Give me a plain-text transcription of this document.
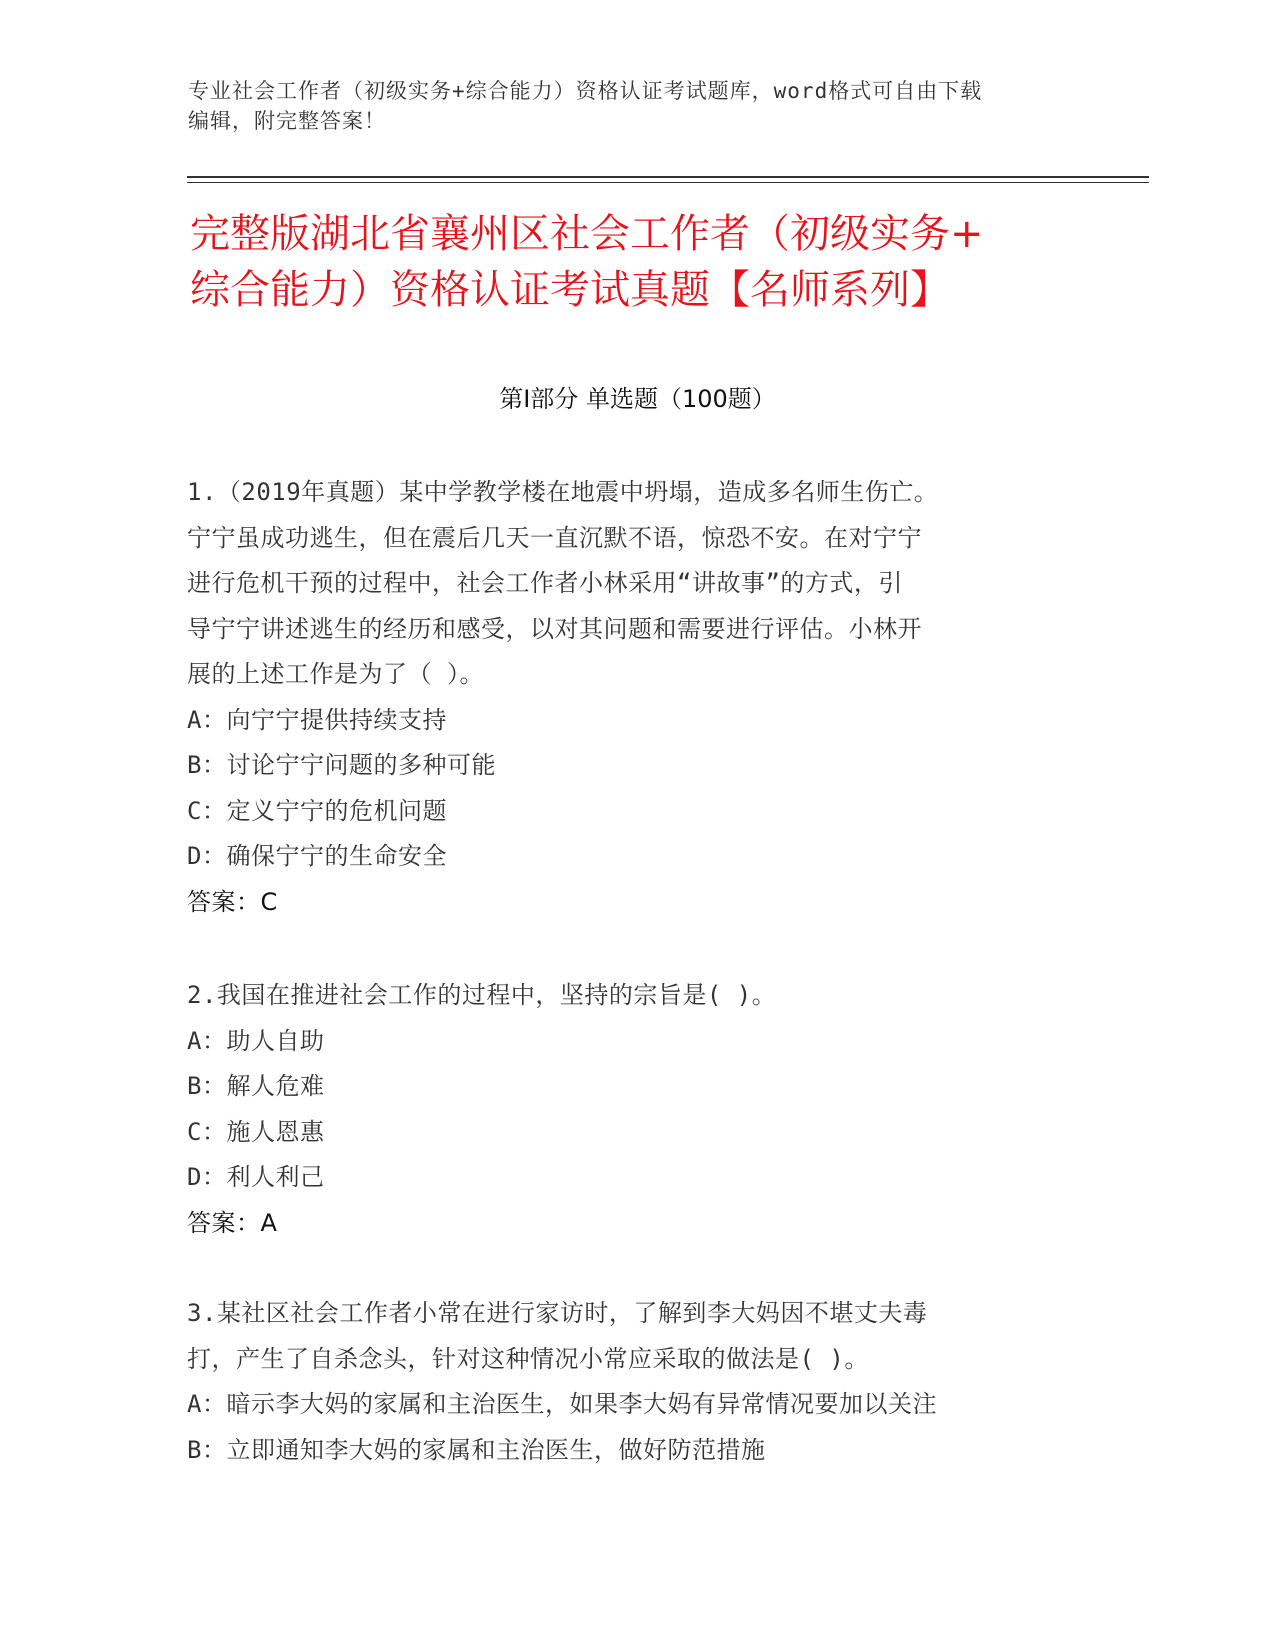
专业社会工作者（初级实务+综合能力）资格认证考试题库，word格式可自由下载
编辑，附完整答案！
完整版湖北省襄州区社会工作者（初级实务+
综合能力）资格认证考试真题【名师系列】
第Ⅰ部分 单选题（100题）
1.（2019年真题）某中学教学楼在地震中坍塌，造成多名师生伤亡。
宁宁虽成功逃生，但在震后几天一直沉默不语，惊恐不安。在对宁宁
进行危机干预的过程中，社会工作者小林采用“讲故事”的方式，引
导宁宁讲述逃生的经历和感受，以对其问题和需要进行评估。小林开
展的上述工作是为了（ ）。
A：向宁宁提供持续支持
B：讨论宁宁问题的多种可能
C：定义宁宁的危机问题
D：确保宁宁的生命安全
答案：C
2.我国在推进社会工作的过程中，坚持的宗旨是( )。
A：助人自助
B：解人危难
C：施人恩惠
D：利人利己
答案：A
3.某社区社会工作者小常在进行家访时，了解到李大妈因不堪丈夫毒
打，产生了自杀念头，针对这种情况小常应采取的做法是( )。
A：暗示李大妈的家属和主治医生，如果李大妈有异常情况要加以关注
B：立即通知李大妈的家属和主治医生，做好防范措施
